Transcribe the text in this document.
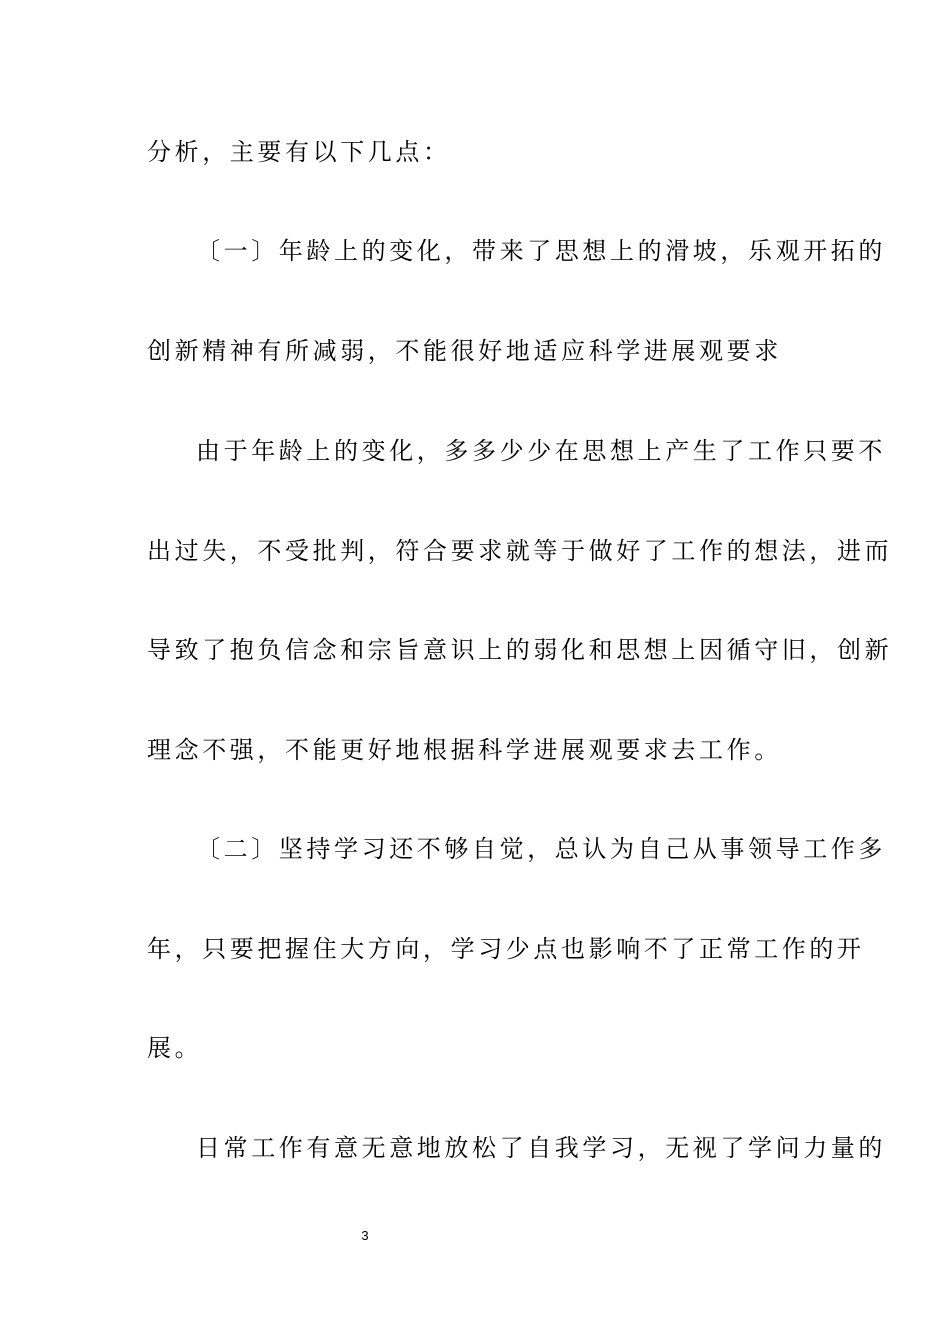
分析，主要有以下几点：
〔一〕年龄上的变化，带来了思想上的滑坡，乐观开拓的
创新精神有所减弱，不能很好地适应科学进展观要求
由于年龄上的变化，多多少少在思想上产生了工作只要不
出过失，不受批判，符合要求就等于做好了工作的想法，进而
导致了抱负信念和宗旨意识上的弱化和思想上因循守旧，创新
理念不强，不能更好地根据科学进展观要求去工作。
〔二〕坚持学习还不够自觉，总认为自己从事领导工作多
年，只要把握住大方向，学习少点也影响不了正常工作的开
展。
日常工作有意无意地放松了自我学习，无视了学问力量的
3
